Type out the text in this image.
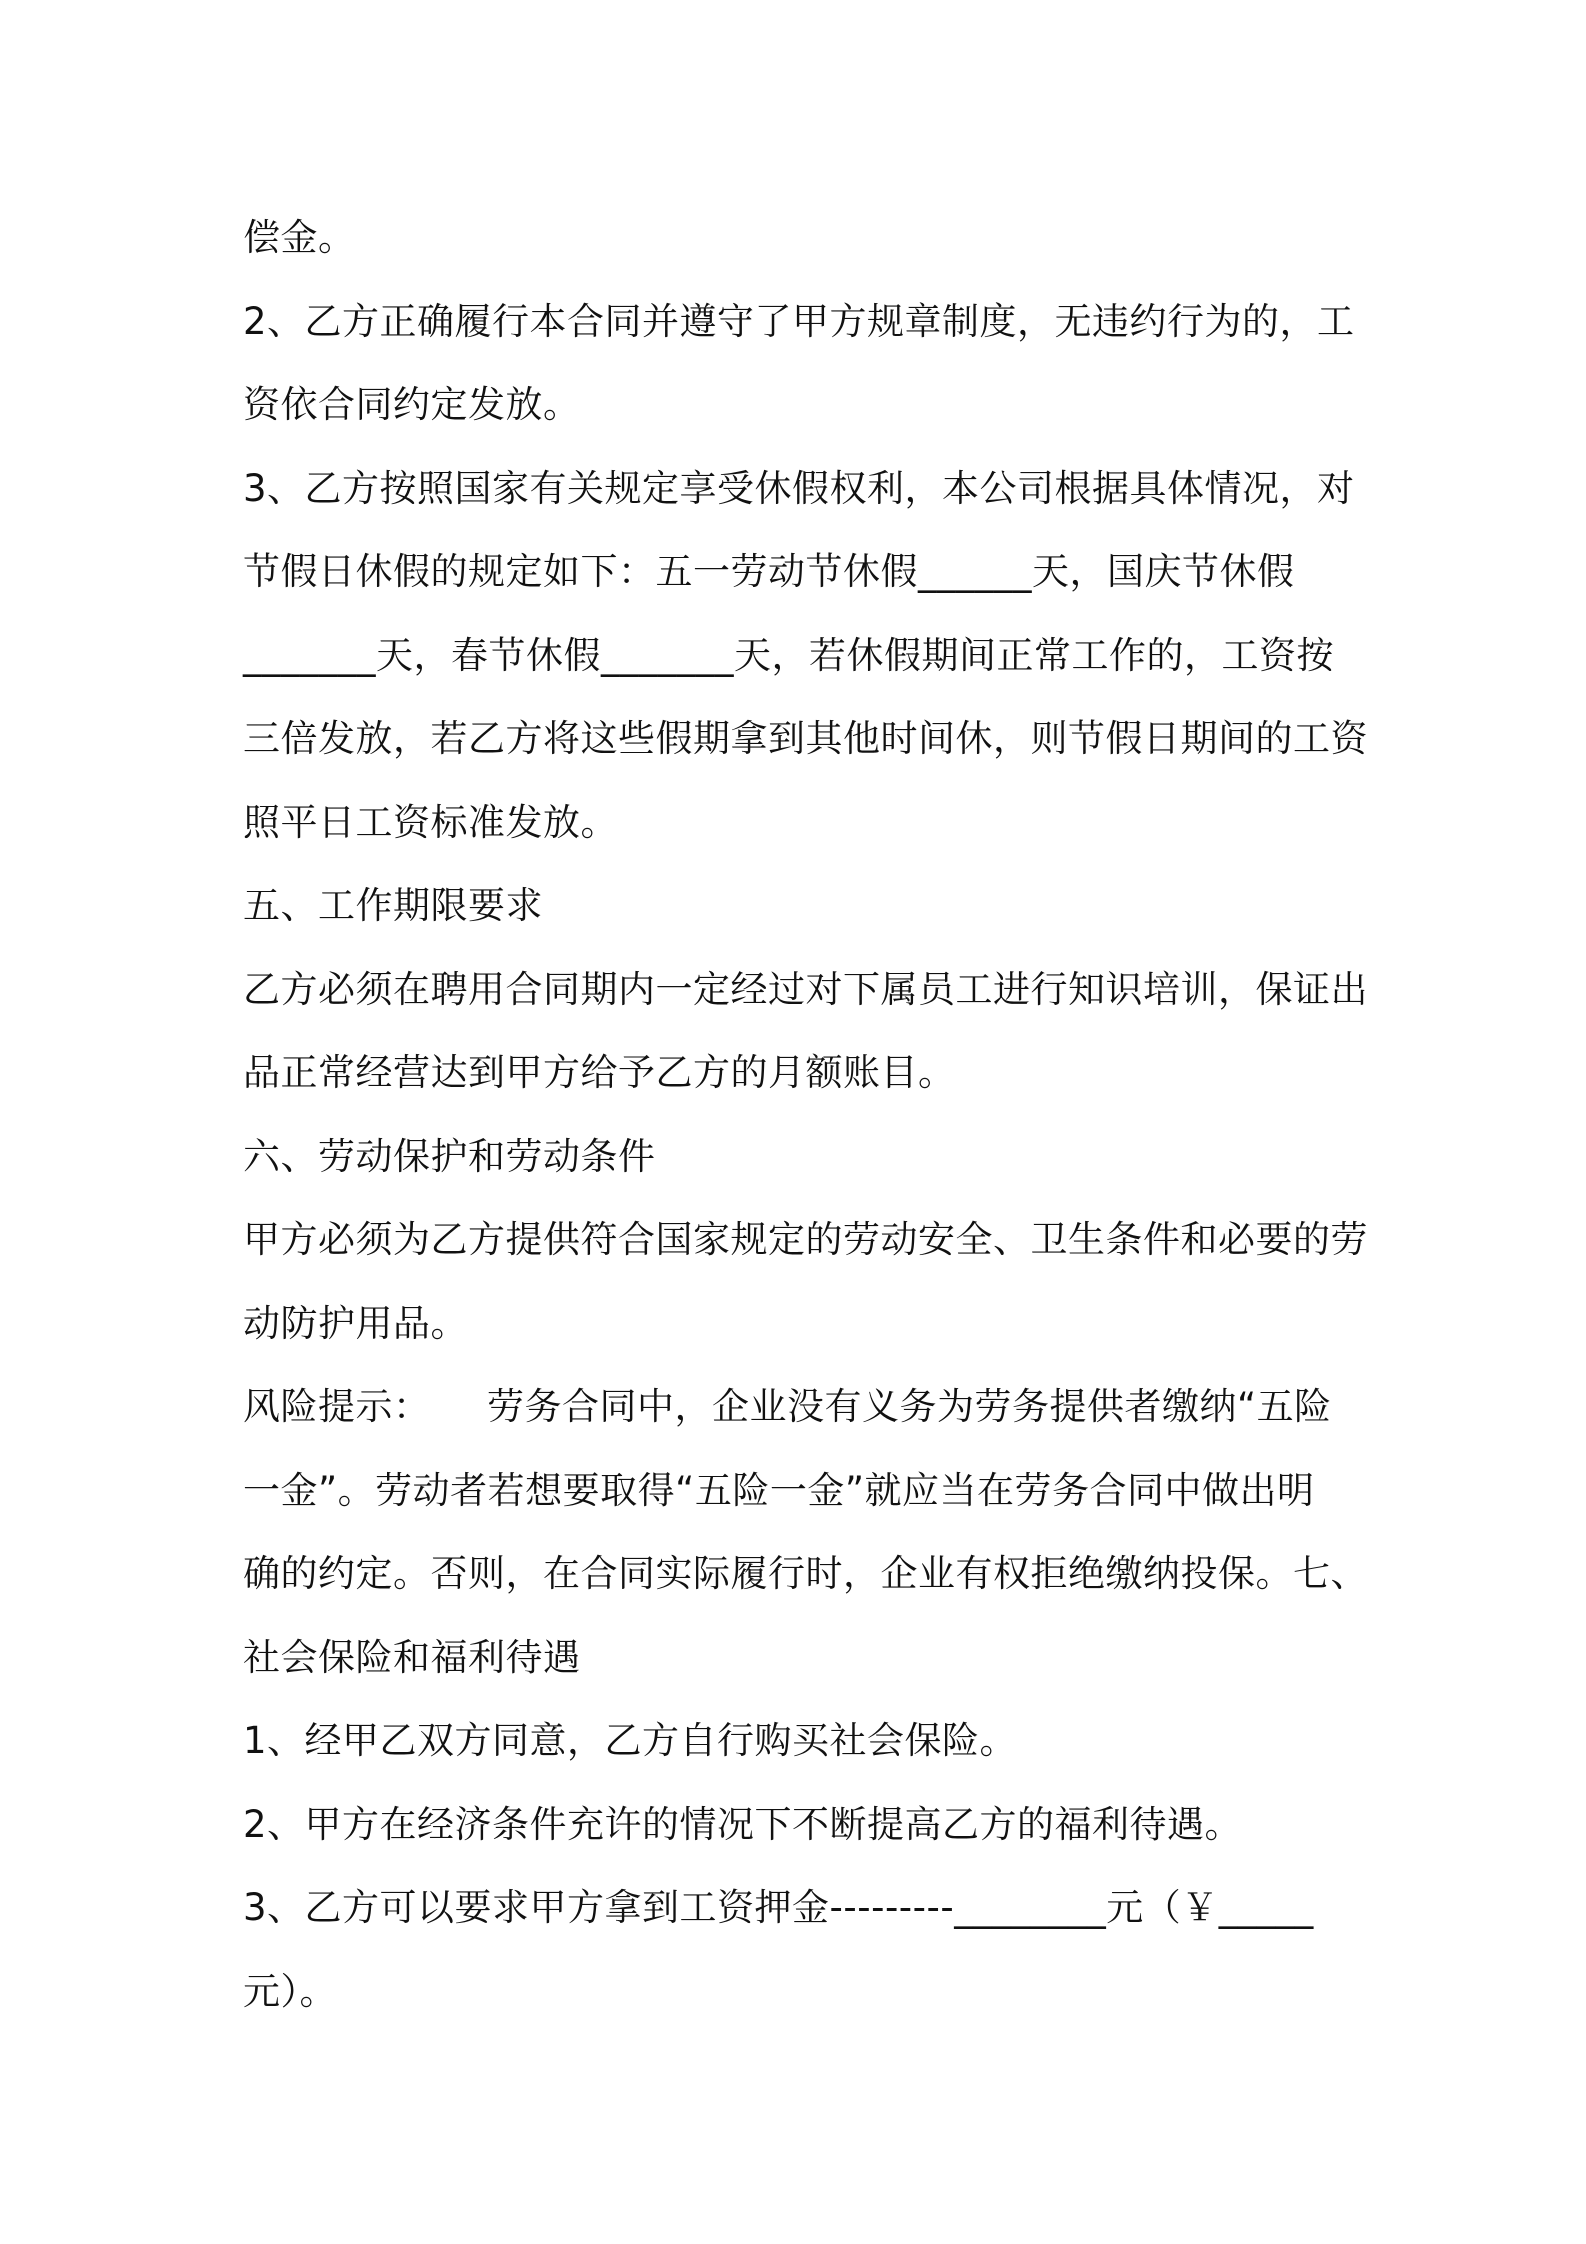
偿金。
2、乙方正确履行本合同并遵守了甲方规章制度，无违约行为的，工
资依合同约定发放。
3、乙方按照国家有关规定享受休假权利，本公司根据具体情况，对
节假日休假的规定如下：五一劳动节休假______天，国庆节休假
_______天，春节休假_______天，若休假期间正常工作的，工资按
三倍发放，若乙方将这些假期拿到其他时间休，则节假日期间的工资
照平日工资标准发放。
五、工作期限要求
乙方必须在聘用合同期内一定经过对下属员工进行知识培训，保证出
品正常经营达到甲方给予乙方的月额账目。
六、劳动保护和劳动条件
甲方必须为乙方提供符合国家规定的劳动安全、卫生条件和必要的劳
动防护用品。
风险提示：　　劳务合同中，企业没有义务为劳务提供者缴纳“五险
一金”。劳动者若想要取得“五险一金”就应当在劳务合同中做出明
确的约定。否则，在合同实际履行时，企业有权拒绝缴纳投保。七、
社会保险和福利待遇
1、经甲乙双方同意，乙方自行购买社会保险。
2、甲方在经济条件充许的情况下不断提高乙方的福利待遇。
3、乙方可以要求甲方拿到工资押金---------________元（￥_____
元）。
